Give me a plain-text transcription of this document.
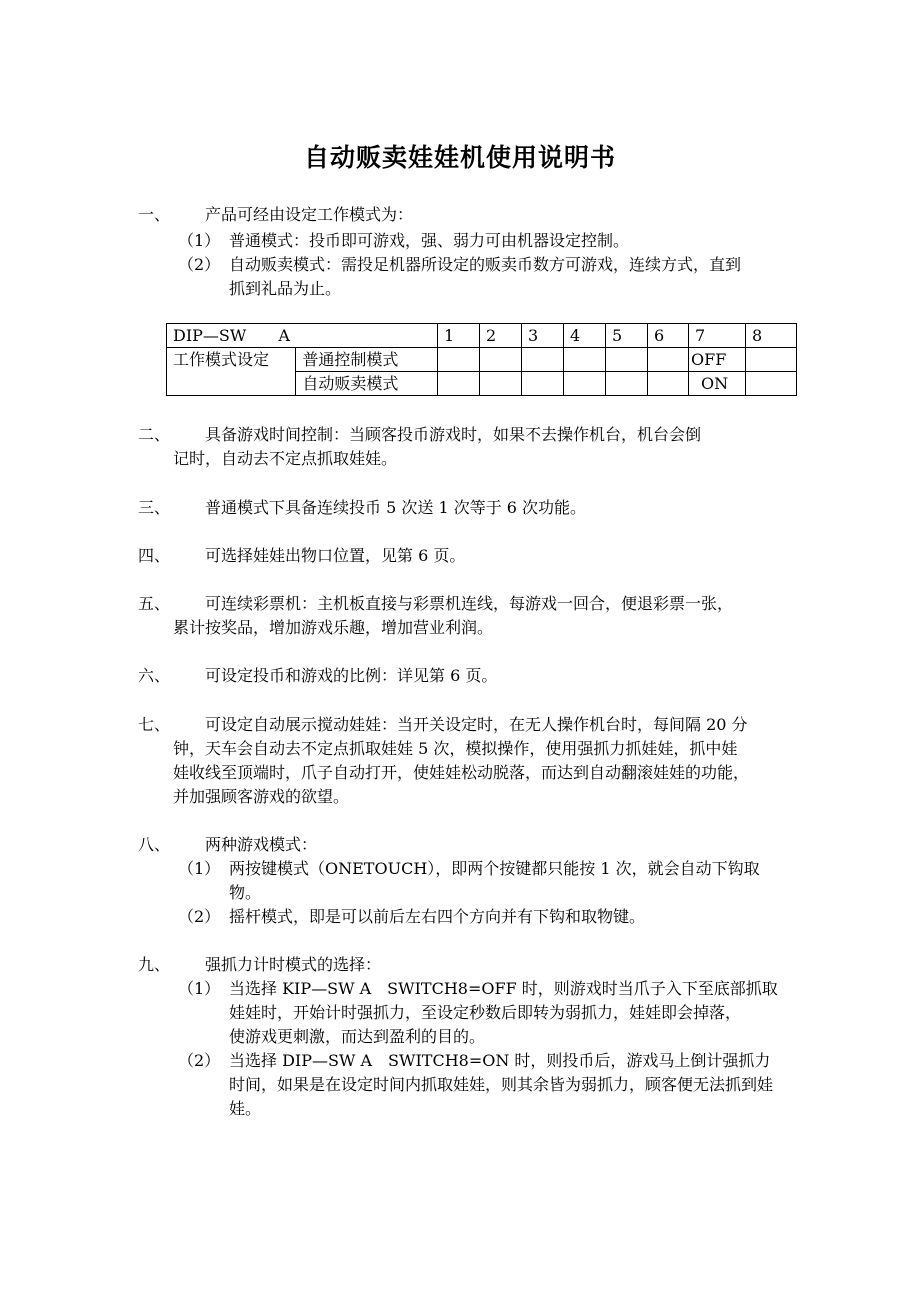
自动贩卖娃娃机使用说明书
一、 产品可经由设定工作模式为：
（1） 普通模式：投币即可游戏，强、弱力可由机器设定控制。
（2） 自动贩卖模式：需投足机器所设定的贩卖币数方可游戏，连续方式，直到
抓到礼品为止。
DIP—SW　　A		1	2	3	4	5	6	7	8
工作模式设定	普通控制模式							OFF	
	自动贩卖模式							ON	
二、 具备游戏时间控制：当顾客投币游戏时，如果不去操作机台，机台会倒
记时，自动去不定点抓取娃娃。
三、 普通模式下具备连续投币 5 次送 1 次等于 6 次功能。
四、 可选择娃娃出物口位置，见第 6 页。
五、 可连续彩票机：主机板直接与彩票机连线，每游戏一回合，便退彩票一张，
累计按奖品，增加游戏乐趣，增加营业利润。
六、 可设定投币和游戏的比例：详见第 6 页。
七、 可设定自动展示搅动娃娃：当开关设定时，在无人操作机台时，每间隔 20 分
钟，天车会自动去不定点抓取娃娃 5 次，模拟操作，使用强抓力抓娃娃，抓中娃
娃收线至顶端时，爪子自动打开，使娃娃松动脱落，而达到自动翻滚娃娃的功能，
并加强顾客游戏的欲望。
八、 两种游戏模式：
（1） 两按键模式（ONETOUCH），即两个按键都只能按 1 次，就会自动下钩取
物。
（2） 摇杆模式，即是可以前后左右四个方向并有下钩和取物键。
九、 强抓力计时模式的选择：
（1） 当选择 KIP—SW A　SWITCH8=OFF 时，则游戏时当爪子入下至底部抓取
娃娃时，开始计时强抓力，至设定秒数后即转为弱抓力，娃娃即会掉落，
使游戏更刺激，而达到盈利的目的。
（2） 当选择 DIP—SW A　SWITCH8=ON 时，则投币后，游戏马上倒计强抓力
时间，如果是在设定时间内抓取娃娃，则其余皆为弱抓力，顾客便无法抓到娃
娃。
